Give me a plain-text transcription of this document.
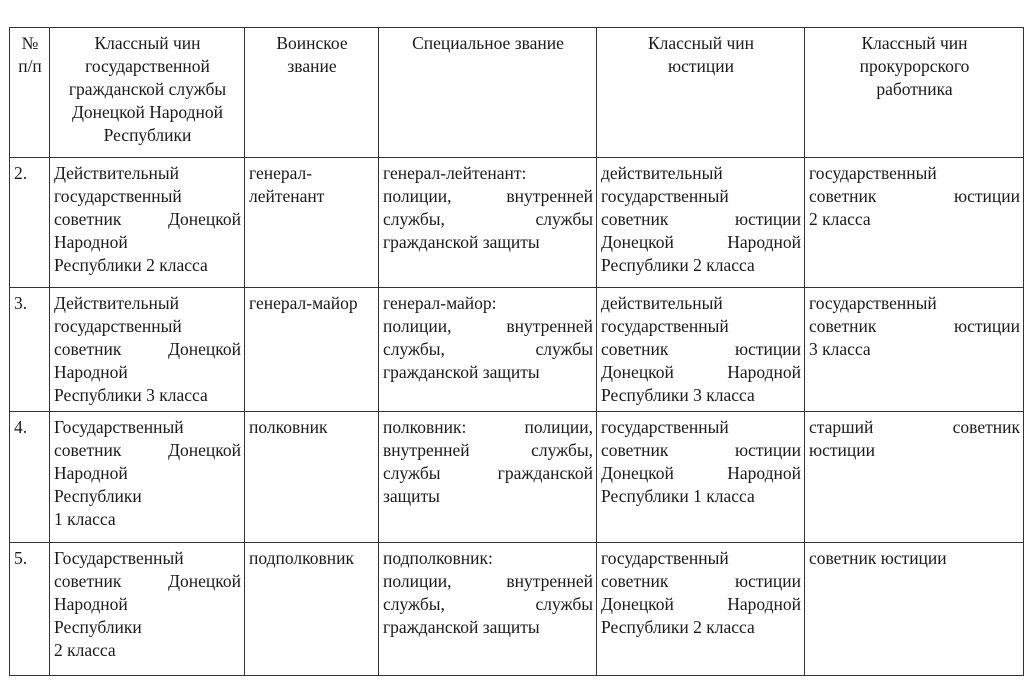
№
п/п	Классный чин
государственной
гражданской службы
Донецкой Народной
Республики	Воинское
звание	Специальное звание	Классный чин
юстиции	Классный чин
прокурорского
работника

2.	Действительный
государственный
советник Донецкой
Народной
Республики 2 класса	генерал-
лейтенант	генерал-лейтенант:
полиции, внутренней
службы, службы
гражданской защиты	действительный
государственный
советник юстиции
Донецкой Народной
Республики 2 класса	государственный
советник юстиции
2 класса

3.	Действительный
государственный
советник Донецкой
Народной
Республики 3 класса	генерал-майор	генерал-майор:
полиции, внутренней
службы, службы
гражданской защиты	действительный
государственный
советник юстиции
Донецкой Народной
Республики 3 класса	государственный
советник юстиции
3 класса

4.	Государственный
советник Донецкой
Народной
Республики
1 класса	полковник	полковник: полиции,
внутренней службы,
службы гражданской
защиты	государственный
советник юстиции
Донецкой Народной
Республики 1 класса	старший советник
юстиции

5.	Государственный
советник Донецкой
Народной
Республики
2 класса	подполковник	подполковник:
полиции, внутренней
службы, службы
гражданской защиты	государственный
советник юстиции
Донецкой Народной
Республики 2 класса	советник юстиции
